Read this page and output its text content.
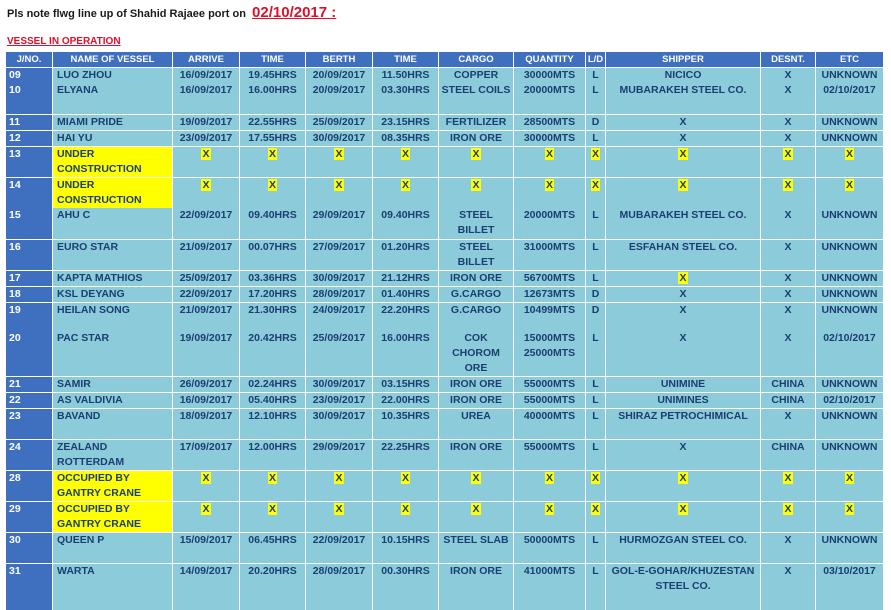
Pls note flwg line up of Shahid Rajaee port on 02/10/2017 :
VESSEL IN OPERATION
J/NO.	NAME OF VESSEL	ARRIVE	TIME	BERTH	TIME	CARGO	QUANTITY	L/D	SHIPPER	DESNT.	ETC
09	LUO ZHOU	16/09/2017	19.45HRS	20/09/2017	11.50HRS	COPPER	30000MTS	L	NICICO	X	UNKNOWN
10	ELYANA	16/09/2017	16.00HRS	20/09/2017	03.30HRS	STEEL COILS	20000MTS	L	MUBARAKEH STEEL CO.	X	02/10/2017
11	MIAMI PRIDE	19/09/2017	22.55HRS	25/09/2017	23.15HRS	FERTILIZER	28500MTS	D	X	X	UNKNOWN
12	HAI YU	23/09/2017	17.55HRS	30/09/2017	08.35HRS	IRON ORE	30000MTS	L	X	X	UNKNOWN
13	UNDER CONSTRUCTION	X	X	X	X	X	X	X	X	X	X
14	UNDER CONSTRUCTION	X	X	X	X	X	X	X	X	X	X
15	AHU C	22/09/2017	09.40HRS	29/09/2017	09.40HRS	STEEL BILLET	20000MTS	L	MUBARAKEH STEEL CO.	X	UNKNOWN
16	EURO STAR	21/09/2017	00.07HRS	27/09/2017	01.20HRS	STEEL BILLET	31000MTS	L	ESFAHAN STEEL CO.	X	UNKNOWN
17	KAPTA MATHIOS	25/09/2017	03.36HRS	30/09/2017	21.12HRS	IRON ORE	56700MTS	L	X	X	UNKNOWN
18	KSL DEYANG	22/09/2017	17.20HRS	28/09/2017	01.40HRS	G.CARGO	12673MTS	D	X	X	UNKNOWN
19	HEILAN SONG	21/09/2017	21.30HRS	24/09/2017	22.20HRS	G.CARGO	10499MTS	D	X	X	UNKNOWN
20	PAC STAR	19/09/2017	20.42HRS	25/09/2017	16.00HRS	COK CHOROM ORE	15000MTS 25000MTS	L	X	X	02/10/2017
21	SAMIR	26/09/2017	02.24HRS	30/09/2017	03.15HRS	IRON ORE	55000MTS	L	UNIMINE	CHINA	UNKNOWN
22	AS VALDIVIA	16/09/2017	05.40HRS	23/09/2017	22.00HRS	IRON ORE	55000MTS	L	UNIMINES	CHINA	02/10/2017
23	BAVAND	18/09/2017	12.10HRS	30/09/2017	10.35HRS	UREA	40000MTS	L	SHIRAZ PETROCHIMICAL	X	UNKNOWN
24	ZEALAND ROTTERDAM	17/09/2017	12.00HRS	29/09/2017	22.25HRS	IRON ORE	55000MTS	L	X	CHINA	UNKNOWN
28	OCCUPIED BY GANTRY CRANE	X	X	X	X	X	X	X	X	X	X
29	OCCUPIED BY GANTRY CRANE	X	X	X	X	X	X	X	X	X	X
30	QUEEN P	15/09/2017	06.45HRS	22/09/2017	10.15HRS	STEEL SLAB	50000MTS	L	HURMOZGAN STEEL CO.	X	UNKNOWN
31	WARTA	14/09/2017	20.20HRS	28/09/2017	00.30HRS	IRON ORE	41000MTS	L	GOL-E-GOHAR/KHUZESTAN STEEL CO.	X	03/10/2017
